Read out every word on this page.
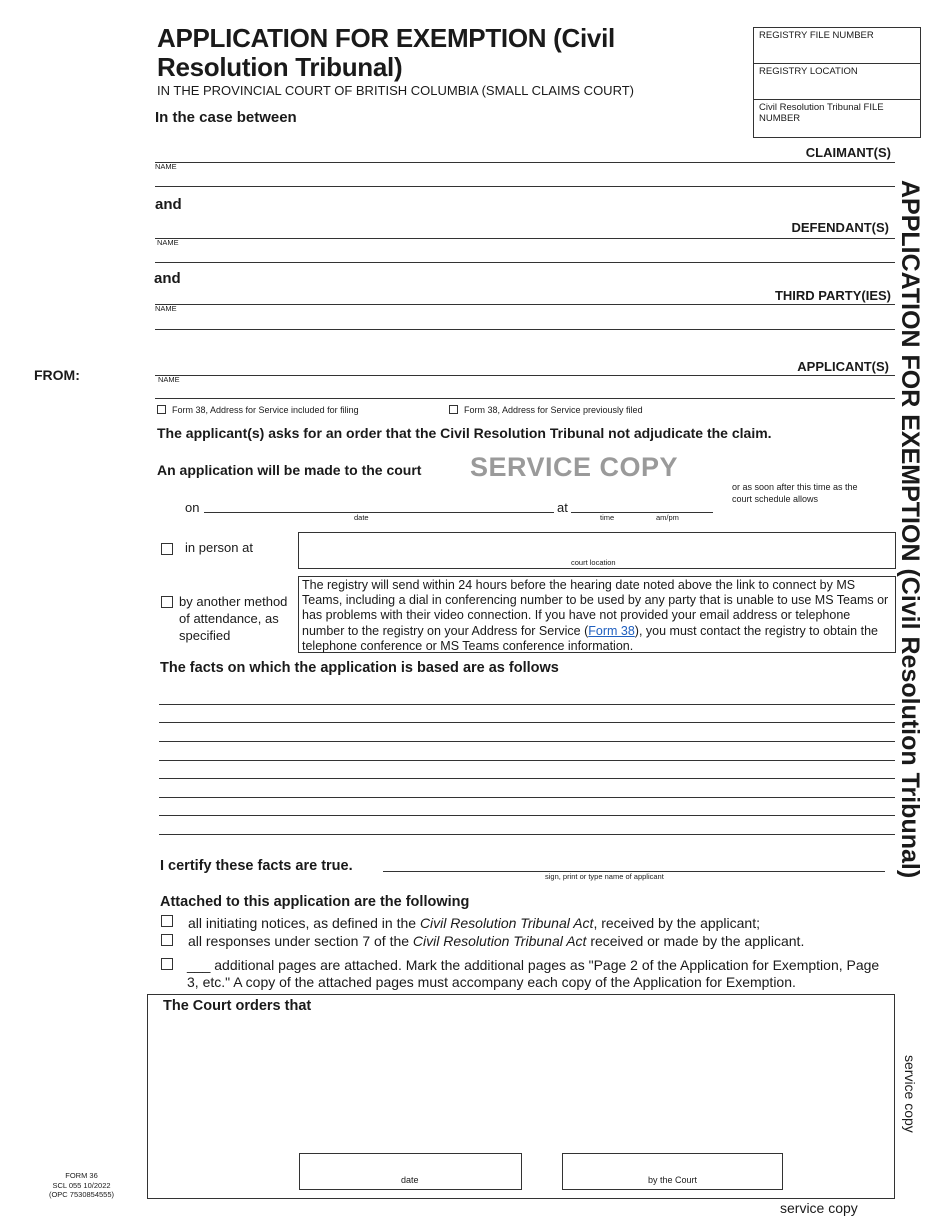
APPLICATION FOR EXEMPTION (Civil Resolution Tribunal)
IN THE PROVINCIAL COURT OF BRITISH COLUMBIA (SMALL CLAIMS COURT)
In the case between
REGISTRY FILE NUMBER
REGISTRY LOCATION
Civil Resolution Tribunal FILE NUMBER
CLAIMANT(S)
NAME
and
DEFENDANT(S)
NAME
and
THIRD PARTY(IES)
NAME
FROM:
APPLICANT(S)
NAME
Form 38, Address for Service included for filing	Form 38, Address for Service previously filed
The applicant(s) asks for an order that the Civil Resolution Tribunal not adjudicate the claim.
An application will be made to the court SERVICE COPY
or as soon after this time as the court schedule allows
on
date
at
time	am/pm
in person at
court location
by another method of attendance, as specified
The registry will send within 24 hours before the hearing date noted above the link to connect by MS Teams, including a dial in conferencing number to be used by any party that is unable to use MS Teams or has problems with their video connection. If you have not provided your email address or telephone number to the registry on your Address for Service (Form 38), you must contact the registry to obtain the telephone conference or MS Teams conference information.
The facts on which the application is based are as follows
I certify these facts are true.
sign, print or type name of applicant
Attached to this application are the following
all initiating notices, as defined in the Civil Resolution Tribunal Act, received by the applicant;
all responses under section 7 of the Civil Resolution Tribunal Act received or made by the applicant.
___ additional pages are attached. Mark the additional pages as "Page 2 of the Application for Exemption, Page 3, etc." A copy of the attached pages must accompany each copy of the Application for Exemption.
The Court orders that
date	by the Court
FORM 36
SCL 055 10/2022
(OPC 7530854555)
service copy
APPLICATION FOR EXEMPTION (Civil Resolution Tribunal)
service copy
